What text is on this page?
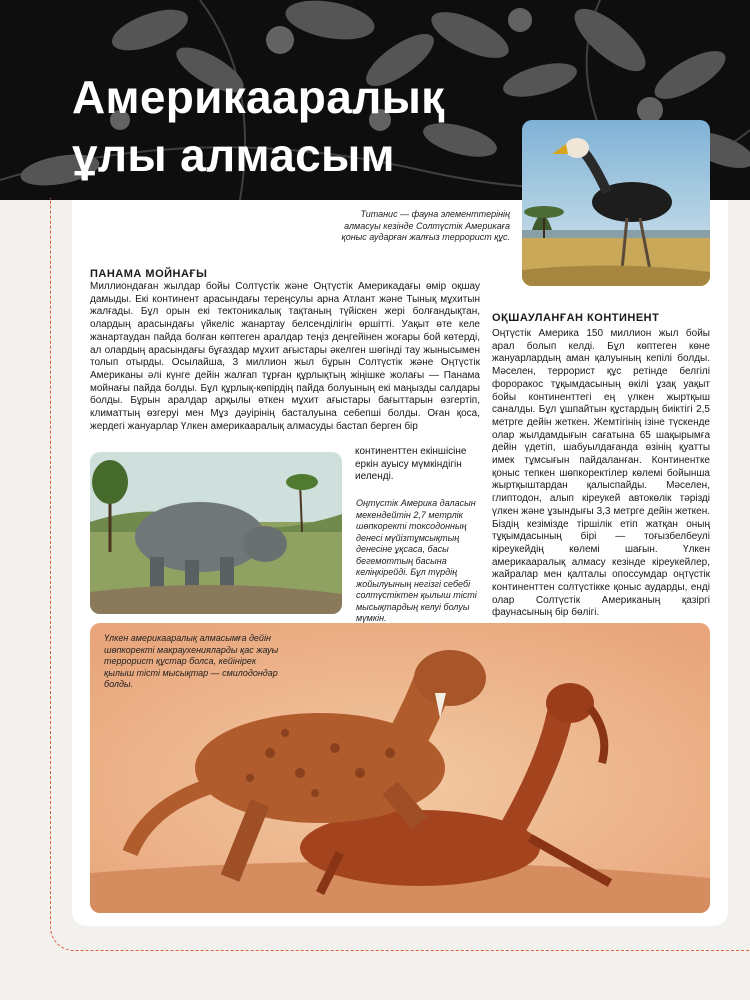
Америкааралық
ұлы алмасым
Титанис — фауна элементтерінің алмасуы кезінде Солтүстік Америкаға қоныс аударған жалғыз террорист құс.
ПАНАМА МОЙНАҒЫ

Миллиондаған жылдар бойы Солтүстік және Оңтүстік Америкадағы өмір оқшау дамыды. Екі континент арасындағы тереңсулы арна Атлант және Тынық мұхитын жалғады. Бұл орын екі тектоникалық тақтаның түйіскен жері болғандықтан, олардың арасындағы үйкеліс жанартау белсенділігін өршітті. Уақыт өте келе жанартаудан пайда болған көптеген аралдар теңіз деңгейінен жоғары бой көтерді, ал олардың арасындағы бұғаздар мұхит ағыстары әкелген шөгінді тау жынысымен толып отырды. Осылайша, 3 миллион жыл бұрын Солтүстік және Оңтүстік Американы әлі күнге дейін жалғап тұрған құрлықтың жіңішке жолағы — Панама мойнағы пайда болды. Бұл құрлық-көпірдің пайда болуының екі маңызды салдары болды. Бұрын аралдар арқылы өткен мұхит ағыстары бағыттарын өзгертіп, климаттың өзгеруі мен Мұз дәуірінің басталуына себепші болды. Оған қоса, жердегі жануарлар Үлкен америкааралық алмасуды бастап берген бір

континенттен екіншісіне еркін ауысу мүмкіндігін иеленді.

Оңтүстік Америка даласын мекендейтін 2,7 метрлік шөпкоректі токсодонның денесі мүйізтұмсықтың денесіне ұқсаса, басы бегемоттың басына келіңкірейді. Бұл түрдің жойылуының негізгі себебі солтүстіктен қылыш тісті мысықтардың келуі болуы мүмкін.
ОҚШАУЛАНҒАН КОНТИНЕНТ

Оңтүстік Америка 150 миллион жыл бойы арал болып келді. Бұл көптеген көне жануарлардың аман қалуының кепілі болды. Мәселен, террорист құс ретінде белгілі фороракос тұқымдасының өкілі ұзақ уақыт бойы континенттегі ең үлкен жыртқыш саналды. Бұл ұшпайтын құстардың биіктігі 2,5 метрге дейін жеткен. Жемтігінің ізіне түскенде олар жылдамдығын сағатына 65 шақырымға дейін үдетіп, шабуылдағанда өзінің қуатты имек тұмсығын пайдаланған. Континентке қоныс тепкен шөпкоректілер көлемі бойынша жыртқыштардан қалыспайды. Мәселен, глиптодон, алып кіреукей автокөлік тәрізді үлкен және ұзындығы 3,3 метрге дейін жеткен. Біздің кезімізде тіршілік етіп жатқан оның тұқымдасының бірі — тоғызбелбеулі кіреукейдің көлемі шағын. Үлкен америкааралық алмасу кезінде кіреукейлер, жайралар мен қалталы опоссумдар оңтүстік континенттен солтүстікке қоныс аударды, енді олар Солтүстік Американың қазіргі фаунасының бір бөлігі.

Үлкен америкааралық алмасымға дейін шөпкоректі макраухенияларды қас жауы террорист құстар болса, кейінірек қылыш тісті мысықтар — смилодондар болды.
